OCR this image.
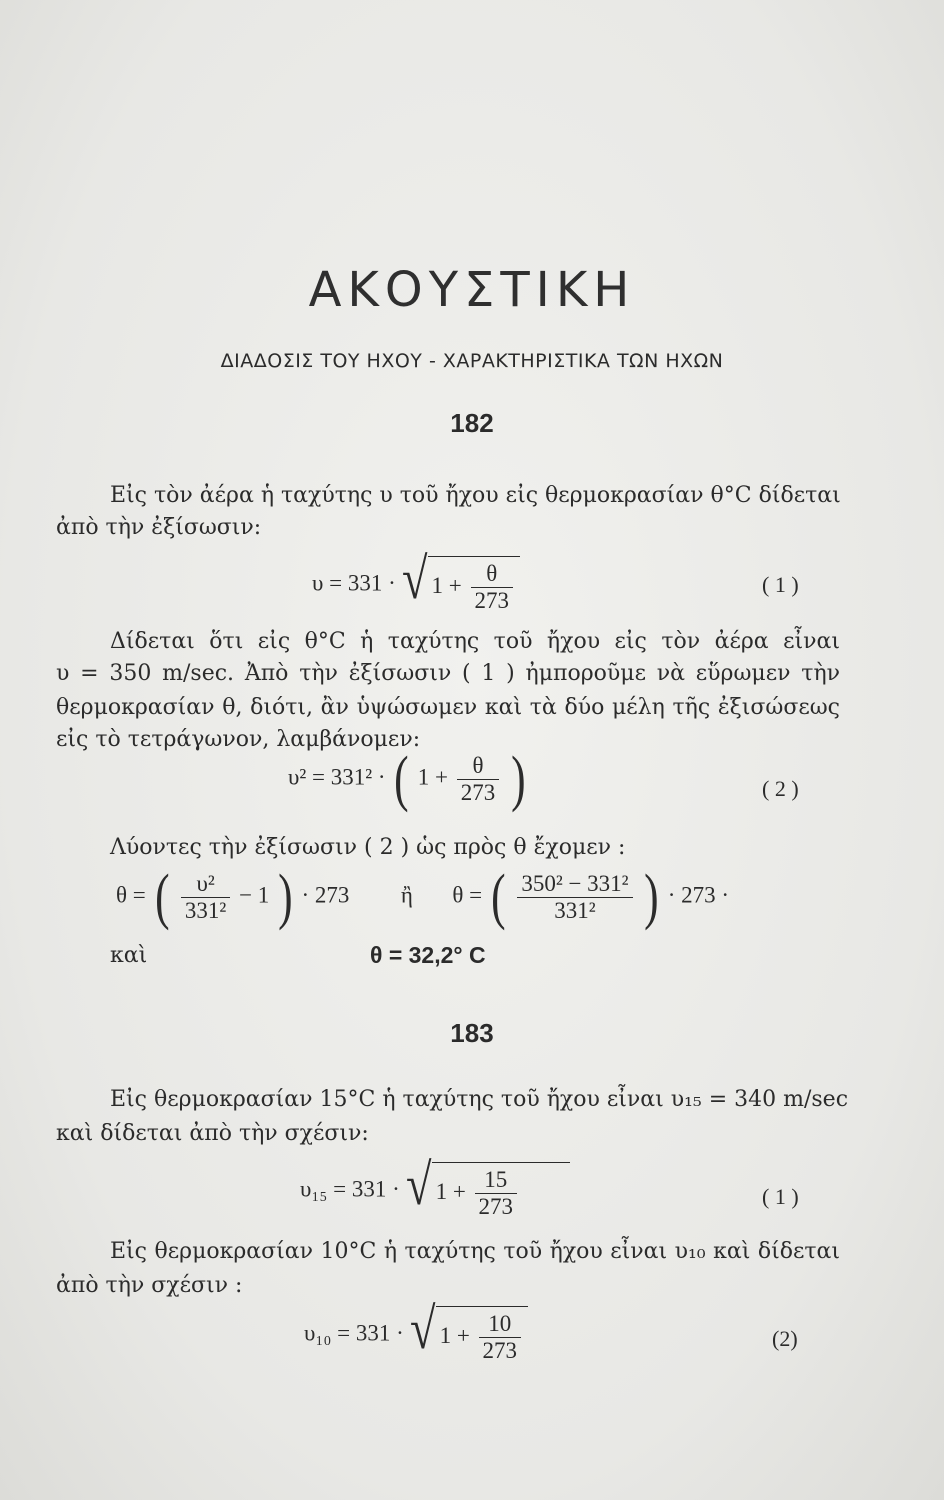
ΑΚΟΥΣΤΙΚΗ
ΔΙΑΔΟΣΙΣ ΤΟΥ ΗΧΟΥ - ΧΑΡΑΚΤΗΡΙΣΤΙΚΑ ΤΩΝ ΗΧΩΝ
182
Εἰς τὸν ἀέρα ἡ ταχύτης υ τοῦ ἤχου εἰς θερμοκρασίαν θ°C δίδεται
ἀπὸ τὴν ἐξίσωσιν:
υ = 331 · √ $1 + \frac{\theta}{273}$	( 1 )
Δίδεται ὅτι εἰς θ°C ἡ ταχύτης τοῦ ἤχου εἰς τὸν ἀέρα εἶναι
υ = 350 m/sec. Ἀπὸ τὴν ἐξίσωσιν ( 1 ) ἠμποροῦμε νὰ εὕρωμεν τὴν
θερμοκρασίαν θ, διότι, ἂν ὑψώσωμεν καὶ τὰ δύο μέλη τῆς ἐξισώσεως
εἰς τὸ τετράγωνον, λαμβάνομεν:
υ² = 331² · ( $1 + \frac{\theta}{273}$ )	( 2 )
Λύοντες τὴν ἐξίσωσιν ( 2 ) ὡς πρὸς θ ἔχομεν :
θ = ( $\frac{\text{υ²}}{\text{331²}} - 1$ ) · 273 ἢ θ = ( $\frac{\text{350² − 331²}}{\text{331²}}$ ) · 273 ·
καὶ	θ = 32,2° C
183
Εἰς θερμοκρασίαν 15°C ἡ ταχύτης τοῦ ἤχου εἶναι υ₁₅ = 340 m/sec
καὶ δίδεται ἀπὸ τὴν σχέσιν:
υ₁₅ = 331 · √ $1 + \frac{15}{273}$
	( 1 )
Εἰς θερμοκρασίαν 10°C ἡ ταχύτης τοῦ ἤχου εἶναι υ₁₀ καὶ δίδεται
ἀπὸ τὴν σχέσιν :
υ₁₀ = 331 · √ $1 + \frac{10}{273}$	(2)
